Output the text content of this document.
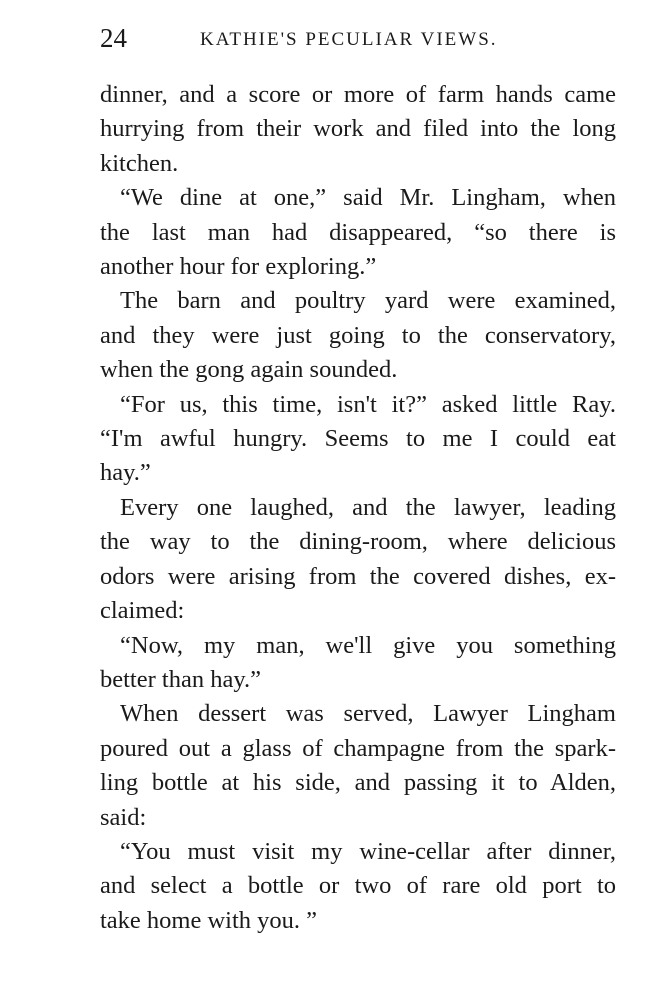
24	KATHIE'S PECULIAR VIEWS.

dinner, and a score or more of farm hands came
hurrying from their work and filed into the long
kitchen.

“We dine at one,” said Mr. Lingham, when
the last man had disappeared, “so there is
another hour for exploring.”

The barn and poultry yard were examined,
and they were just going to the conservatory,
when the gong again sounded.

“For us, this time, isn't it?” asked little Ray.
“I'm awful hungry. Seems to me I could eat
hay.”

Every one laughed, and the lawyer, leading
the way to the dining-room, where delicious
odors were arising from the covered dishes, ex-
claimed:

“Now, my man, we'll give you something
better than hay.”

When dessert was served, Lawyer Lingham
poured out a glass of champagne from the spark-
ling bottle at his side, and passing it to Alden,
said:

“You must visit my wine-cellar after dinner,
and select a bottle or two of rare old port to
take home with you. ”
